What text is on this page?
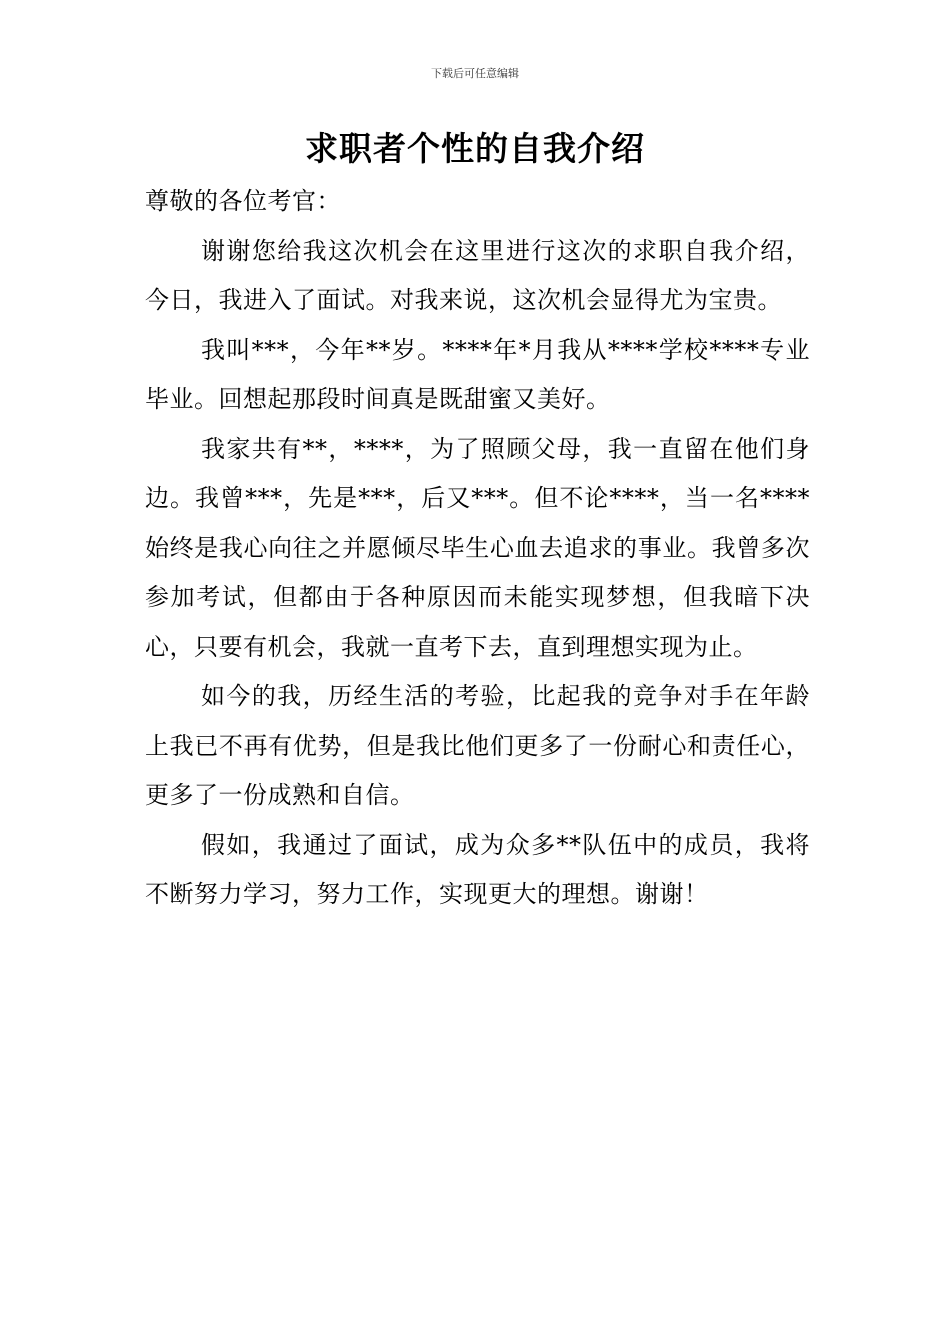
下载后可任意编辑
求职者个性的自我介绍

尊敬的各位考官：

谢谢您给我这次机会在这里进行这次的求职自我介绍，今日，我进入了面试。对我来说，这次机会显得尤为宝贵。

我叫***，今年**岁。****年*月我从****学校****专业毕业。回想起那段时间真是既甜蜜又美好。

我家共有**，****，为了照顾父母，我一直留在他们身边。我曾***，先是***，后又***。但不论****，当一名****始终是我心向往之并愿倾尽毕生心血去追求的事业。我曾多次参加考试，但都由于各种原因而未能实现梦想，但我暗下决心，只要有机会，我就一直考下去，直到理想实现为止。

如今的我，历经生活的考验，比起我的竞争对手在年龄上我已不再有优势，但是我比他们更多了一份耐心和责任心，更多了一份成熟和自信。

假如，我通过了面试，成为众多**队伍中的成员，我将不断努力学习，努力工作，实现更大的理想。谢谢！
